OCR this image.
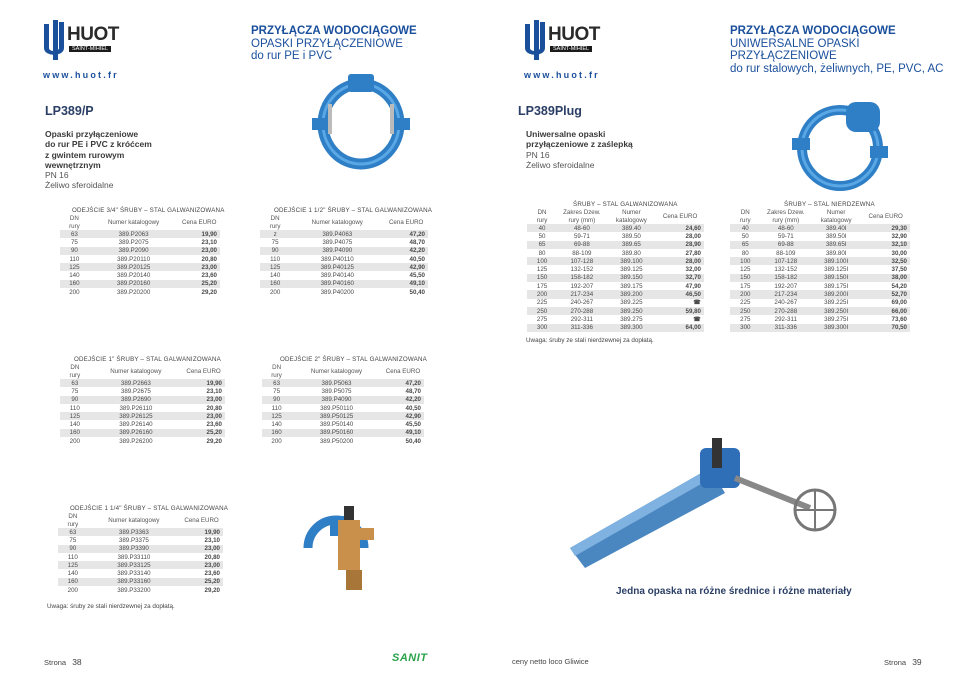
HUOT
SAINT-MIHIEL
www.huot.fr
PRZYŁĄCZA WODOCIĄGOWE
OPASKI PRZYŁĄCZENIOWE
do rur PE i PVC
LP389/P
Opaski przyłączeniowe
do rur PE i PVC z króćcem
z gwintem rurowym
wewnętrznym
PN 16
Żeliwo sferoidalne
ODEJŚCIE 3/4" ŚRUBY – STAL GALWANIZOWANA
DN	Numer katalogowy	Cena EURO
rury		
63	389.P2063	19,90
75	389.P2075	23,10
90	389.P2090	23,00
110	389.P20110	20,80
125	389.P20125	23,00
140	389.P20140	23,60
160	389.P20160	25,20
200	389.P20200	29,20
ODEJŚCIE 1 1/2" ŚRUBY – STAL GALWANIZOWANA
DN	Numer katalogowy	Cena EURO
rury		
z	389.P4063	47,20
75	389.P4075	48,70
90	389.P4090	42,20
110	389.P40110	40,50
125	389.P40125	42,90
140	389.P40140	45,50
160	389.P40160	49,10
200	389.P40200	50,40
ODEJŚCIE 1" ŚRUBY – STAL GALWANIZOWANA
DN	Numer katalogowy	Cena EURO
rury		
63	389.P2663	19,90
75	389.P2675	23,10
90	389.P2690	23,00
110	389.P26110	20,80
125	389.P26125	23,00
140	389.P26140	23,60
160	389.P26160	25,20
200	389.P26200	29,20
ODEJŚCIE 2" ŚRUBY – STAL GALWANIZOWANA
DN	Numer katalogowy	Cena EURO
rury		
63	389.P5063	47,20
75	389.P5075	48,70
90	389.P4090	42,20
110	389.P50110	40,50
125	389.P50125	42,90
140	389.P50140	45,50
160	389.P50160	49,10
200	389.P50200	50,40
ODEJŚCIE 1 1/4" ŚRUBY – STAL GALWANIZOWANA
DN	Numer katalogowy	Cena EURO
rury		
63	389.P3363	19,90
75	389.P3375	23,10
90	389.P3390	23,00
110	389.P33110	20,80
125	389.P33125	23,00
140	389.P33140	23,60
160	389.P33160	25,20
200	389.P33200	29,20
Uwaga: śruby ze stali nierdzewnej za dopłatą.
Strona 38	SANIT
HUOT
SAINT-MIHIEL
www.huot.fr
PRZYŁĄCZA WODOCIĄGOWE
UNIWERSALNE OPASKI
PRZYŁĄCZENIOWE
do rur stalowych, żeliwnych, PE, PVC, AC
LP389Plug
Uniwersalne opaski
przyłączeniowe z zaślepką
PN 16
Żeliwo sferoidalne
ŚRUBY – STAL GALWANIZOWANA
DN	Zakres Dzew.	Numer	Cena EURO
rury	rury (mm)	katalogowy	
40	48-60	389.40	24,60
50	59-71	389.50	28,00
65	69-88	389.65	28,90
80	88-109	389.80	27,80
100	107-128	389.100	28,00
125	132-152	389.125	32,00
150	158-182	389.150	32,70
175	192-207	389.175	47,90
200	217-234	389.200	46,50
225	240-267	389.225	☎
250	270-288	389.250	59,80
275	292-311	389.275	☎
300	311-336	389.300	64,00
ŚRUBY – STAL NIERDZEWNA
DN	Zakres Dzew.	Numer	Cena EURO
rury	rury (mm)	katalogowy	
40	48-60	389.40I	29,30
50	59-71	389.50I	32,90
65	69-88	389.65I	32,10
80	88-109	389.80I	30,00
100	107-128	389.100I	32,50
125	132-152	389.125I	37,50
150	158-182	389.150I	38,00
175	192-207	389.175I	54,20
200	217-234	389.200I	52,70
225	240-267	389.225I	69,00
250	270-288	389.250I	66,00
275	292-311	389.275I	73,60
300	311-336	389.300I	70,50
Uwaga: śruby ze stali nierdzewnej za dopłatą.
Jedna opaska na różne średnice i różne materiały
ceny netto loco Gliwice	Strona 39
